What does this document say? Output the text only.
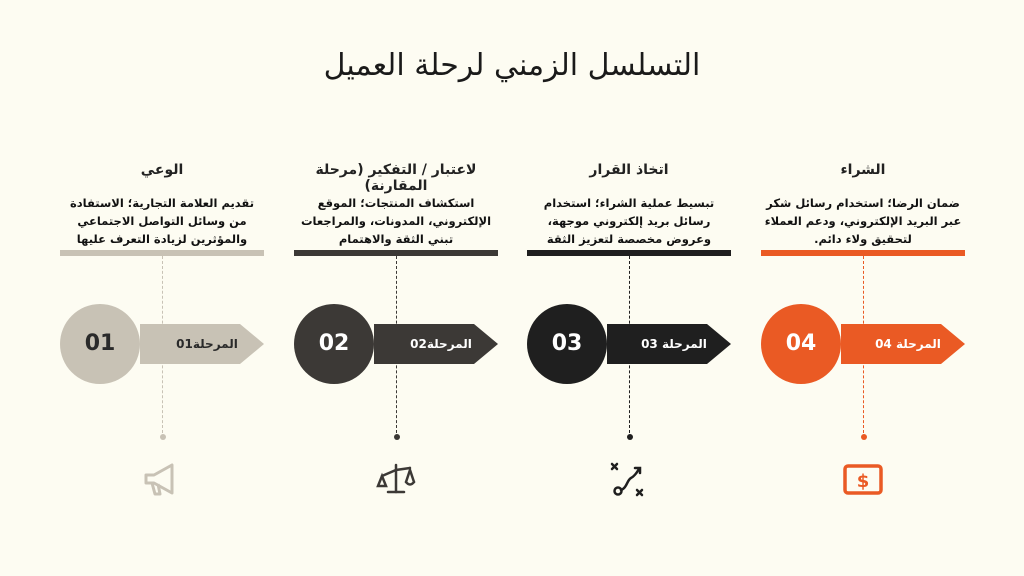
التسلسل الزمني لرحلة العميل
الشراء
ضمان الرضا؛ استخدام رسائل شكر عبر البريد الإلكتروني، ودعم العملاء لتحقيق ولاء دائم.
المرحلة 04
04
$
اتخاذ القرار
تبسيط عملية الشراء؛ استخدام رسائل بريد إلكتروني موجهة، وعروض مخصصة لتعزيز الثقة
المرحلة 03
03
لاعتبار / التفكير (مرحلة المقارنة)
استكشاف المنتجات؛ الموقع الإلكتروني، المدونات، والمراجعات تبني الثقة والاهتمام
المرحلة02
02
الوعي
تقديم العلامة التجارية؛ الاستفادة من وسائل التواصل الاجتماعي والمؤثرين لزيادة التعرف عليها
المرحلة01
01
